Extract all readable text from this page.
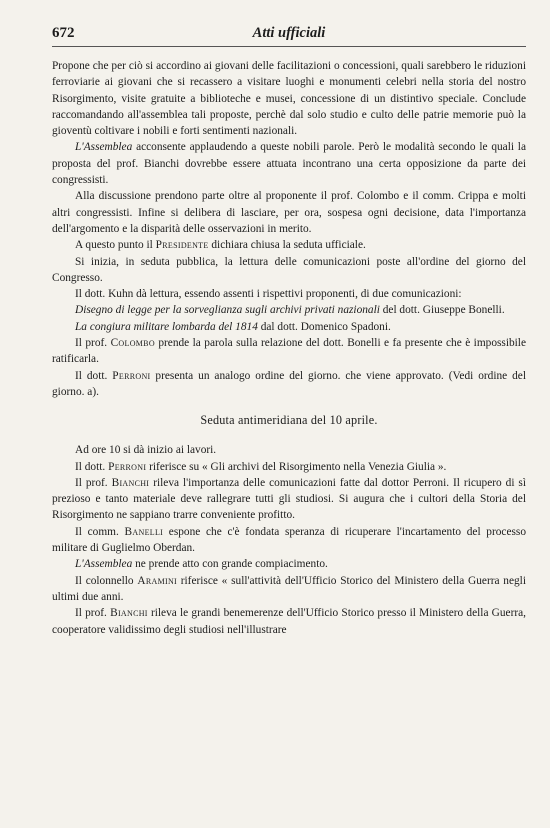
672	Atti ufficiali

Propone che per ciò si accordino ai giovani delle facilitazioni o concessioni, quali sarebbero le riduzioni ferroviarie ai giovani che si recassero a visitare luoghi e monumenti celebri nella storia del nostro Risorgimento, visite gratuite a biblioteche e musei, concessione di un distintivo speciale. Conclude raccomandando all'assemblea tali proposte, perchè dal solo studio e culto delle patrie memorie può la gioventù coltivare i nobili e forti sentimenti nazionali.

L'Assemblea acconsente applaudendo a queste nobili parole. Però le modalità secondo le quali la proposta del prof. Bianchi dovrebbe essere attuata incontrano una certa opposizione da parte dei congressisti.

Alla discussione prendono parte oltre al proponente il prof. Colombo e il comm. Crippa e molti altri congressisti. Infine si delibera di lasciare, per ora, sospesa ogni decisione, data l'importanza dell'argomento e la disparità delle osservazioni in merito.

A questo punto il Presidente dichiara chiusa la seduta ufficiale.

Si inizia, in seduta pubblica, la lettura delle comunicazioni poste all'ordine del giorno del Congresso.

Il dott. Kuhn dà lettura, essendo assenti i rispettivi proponenti, di due comunicazioni:

Disegno di legge per la sorveglianza sugli archivi privati nazionali del dott. Giuseppe Bonelli.

La congiura militare lombarda del 1814 dal dott. Domenico Spadoni.

Il prof. Colombo prende la parola sulla relazione del dott. Bonelli e fa presente che è impossibile ratificarla.

Il dott. Perroni presenta un analogo ordine del giorno. che viene approvato. (Vedi ordine del giorno. a).

Seduta antimeridiana del 10 aprile.

Ad ore 10 si dà inizio ai lavori.

Il dott. Perroni riferisce su « Gli archivi del Risorgimento nella Venezia Giulia ».

Il prof. Bianchi rileva l'importanza delle comunicazioni fatte dal dottor Perroni. Il ricupero di sì prezioso e tanto materiale deve rallegrare tutti gli studiosi. Si augura che i cultori della Storia del Risorgimento ne sappiano trarre conveniente profitto.

Il comm. Banelli espone che c'è fondata speranza di ricuperare l'incartamento del processo militare di Guglielmo Oberdan.

L'Assemblea ne prende atto con grande compiacimento.

Il colonnello Aramini riferisce « sull'attività dell'Ufficio Storico del Ministero della Guerra negli ultimi due anni.

Il prof. Bianchi rileva le grandi benemerenze dell'Ufficio Storico presso il Ministero della Guerra, cooperatore validissimo degli studiosi nell'illustrare
